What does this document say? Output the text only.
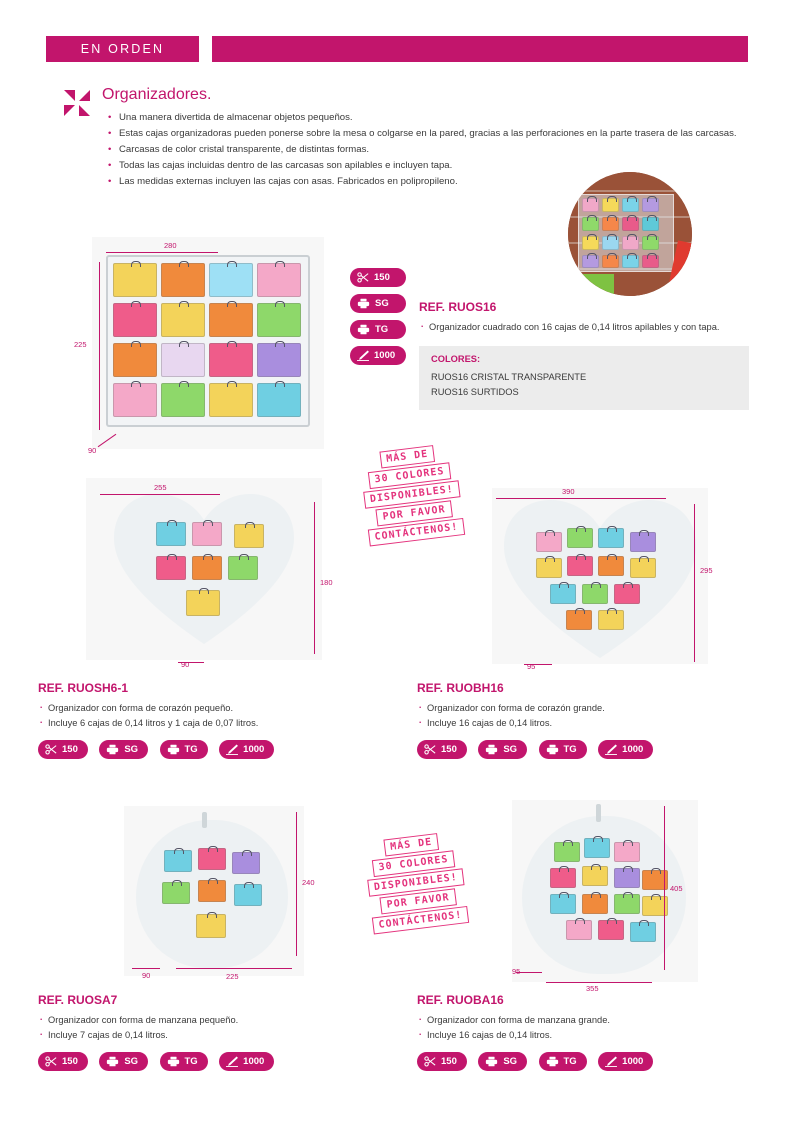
EN ORDEN	35
Organizadores.
• Una manera divertida de almacenar objetos pequeños.
• Estas cajas organizadoras pueden ponerse sobre la mesa o colgarse en la pared, gracias a las perforaciones en la parte trasera de las carcasas.
• Carcasas de color cristal transparente, de distintas formas.
• Todas las cajas incluidas dentro de las carcasas son apilables e incluyen tapa.
• Las medidas externas incluyen las cajas con asas. Fabricados en polipropileno.
280
225
90
150
SG
TG
1000
REF. RUOS16
· Organizador cuadrado con 16 cajas de 0,14 litros apilables y con tapa.
COLORES:
RUOS16 CRISTAL TRANSPARENTE
RUOS16 SURTIDOS
255
180
90
MÁS DE
30 COLORES
DISPONIBLES!
POR FAVOR
CONTÁCTENOS!
390
295
95
REF. RUOSH6-1
· Organizador con forma de corazón pequeño.
· Incluye 6 cajas de 0,14 litros y 1 caja de 0,07 litros.
150
	SG
	TG
	1000
REF. RUOBH16
· Organizador con forma de corazón grande.
· Incluye 16 cajas de 0,14 litros.
150
	SG
	TG
	1000
240
225
90
MÁS DE
30 COLORES
DISPONIBLES!
POR FAVOR
CONTÁCTENOS!
405
355
95
REF. RUOSA7
· Organizador con forma de manzana pequeño.
· Incluye 7 cajas de 0,14 litros.
150
	SG
	TG
	1000
REF. RUOBA16
· Organizador con forma de manzana grande.
· Incluye 16 cajas de 0,14 litros.
150
	SG
	TG
	1000
